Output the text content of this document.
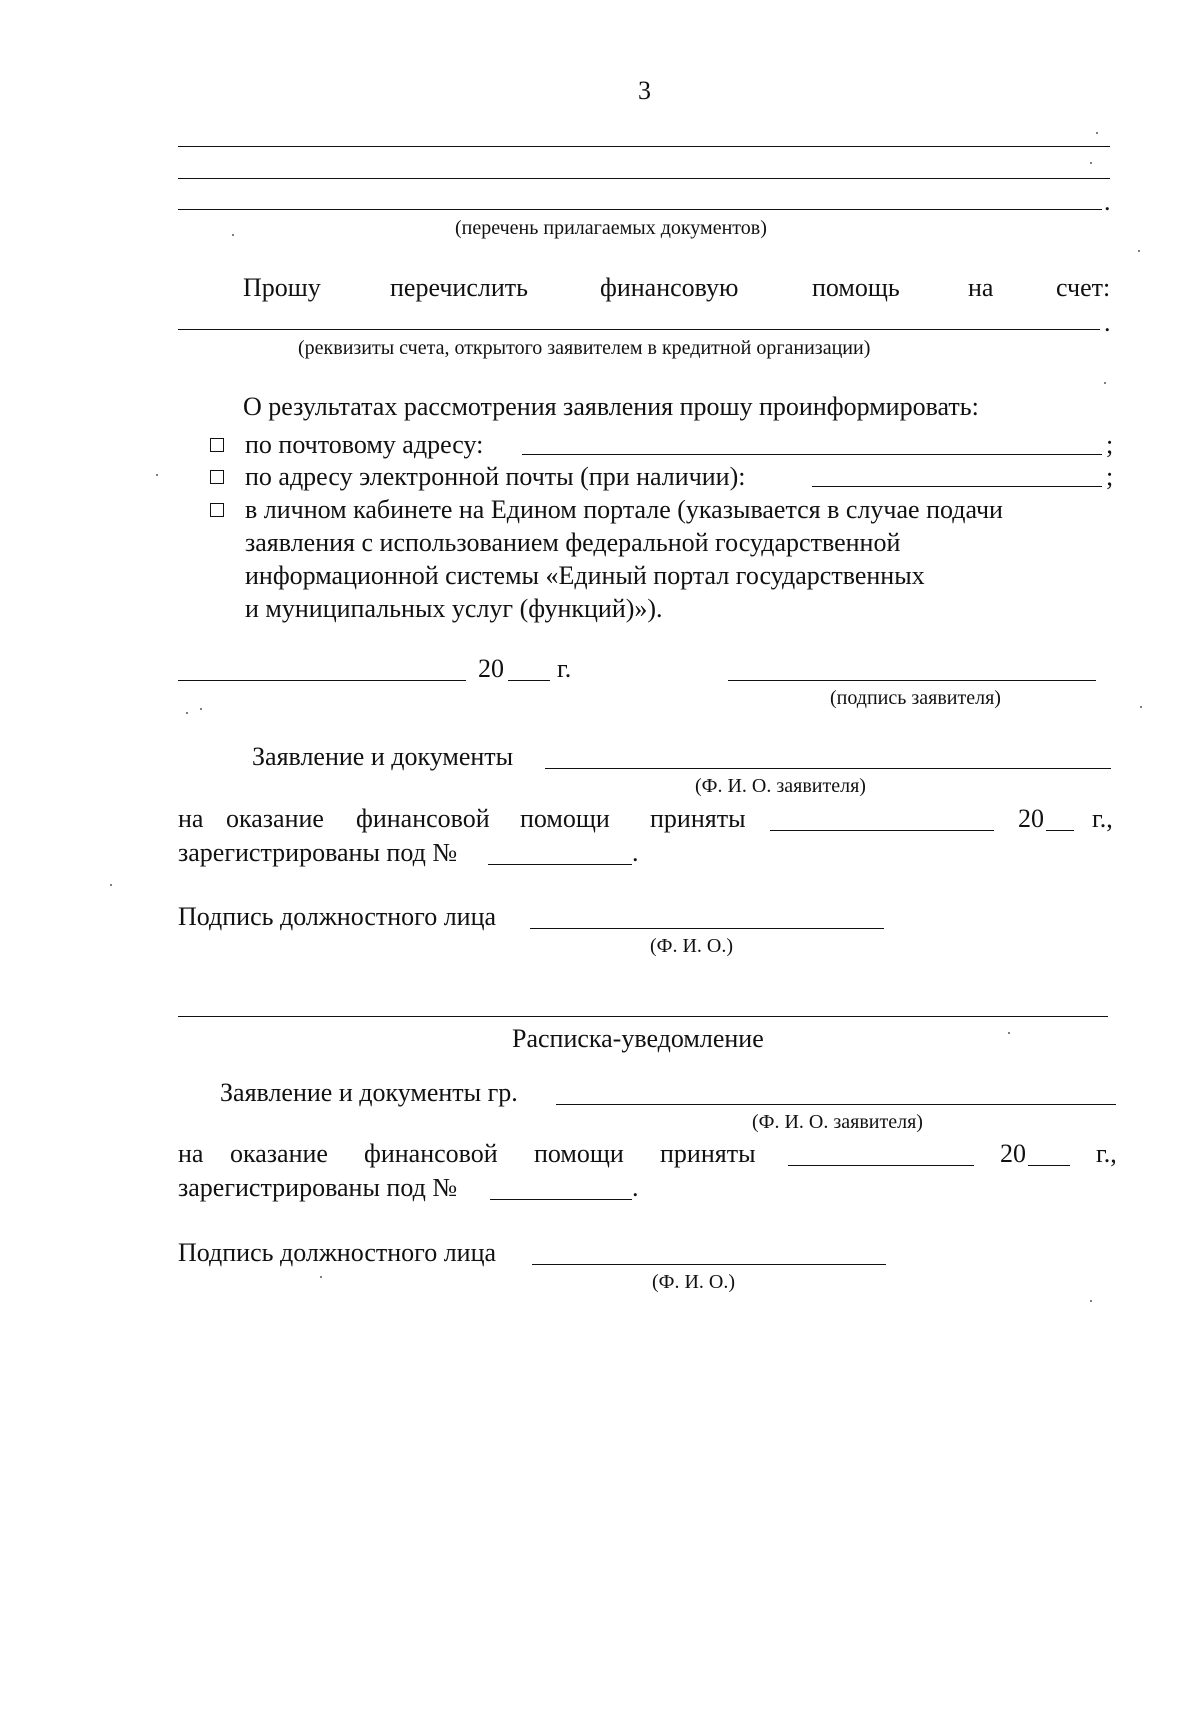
3
.
(перечень прилагаемых документов)
Прошу	перечислить	финансовую	помощь	на счет:
.
(реквизиты счета, открытого заявителем в кредитной организации)
О результатах рассмотрения заявления прошу проинформировать:
по почтовому адресу:	;
по адресу электронной почты (при наличии):	;
в личном кабинете на Едином портале (указывается в случае подачи
заявления с использованием федеральной государственной
информационной системы «Единый портал государственных
и муниципальных услуг (функций)»).
20 г.
(подпись заявителя)
Заявление и документы
(Ф. И. О. заявителя)
на оказание финансовой помощи приняты	20 г.,
зарегистрированы под №	.
Подпись должностного лица
(Ф. И. О.)
Расписка-уведомление
Заявление и документы гр.
(Ф. И. О. заявителя)
на оказание финансовой помощи приняты	20	г.,
зарегистрированы под №	.
Подпись должностного лица
(Ф. И. О.)
